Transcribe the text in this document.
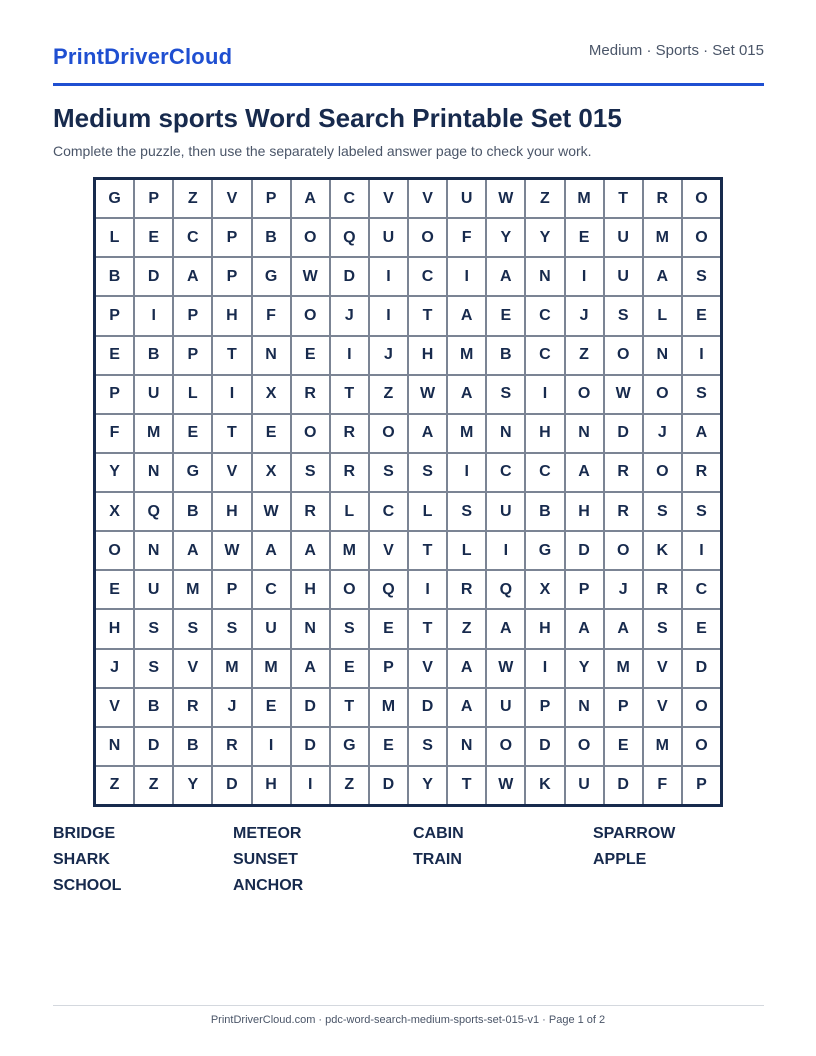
PrintDriverCloud	Medium · Sports · Set 015
Medium sports Word Search Printable Set 015
Complete the puzzle, then use the separately labeled answer page to check your work.
G	P	Z	V	P	A	C	V	V	U	W	Z	M	T	R	O
L	E	C	P	B	O	Q	U	O	F	Y	Y	E	U	M	O
B	D	A	P	G	W	D	I	C	I	A	N	I	U	A	S
P	I	P	H	F	O	J	I	T	A	E	C	J	S	L	E
E	B	P	T	N	E	I	J	H	M	B	C	Z	O	N	I
P	U	L	I	X	R	T	Z	W	A	S	I	O	W	O	S
F	M	E	T	E	O	R	O	A	M	N	H	N	D	J	A
Y	N	G	V	X	S	R	S	S	I	C	C	A	R	O	R
X	Q	B	H	W	R	L	C	L	S	U	B	H	R	S	S
O	N	A	W	A	A	M	V	T	L	I	G	D	O	K	I
E	U	M	P	C	H	O	Q	I	R	Q	X	P	J	R	C
H	S	S	S	U	N	S	E	T	Z	A	H	A	A	S	E
J	S	V	M	M	A	E	P	V	A	W	I	Y	M	V	D
V	B	R	J	E	D	T	M	D	A	U	P	N	P	V	O
N	D	B	R	I	D	G	E	S	N	O	D	O	E	M	O
Z	Z	Y	D	H	I	Z	D	Y	T	W	K	U	D	F	P
BRIDGE	METEOR	CABIN	SPARROW
SHARK	SUNSET	TRAIN	APPLE
SCHOOL	ANCHOR
PrintDriverCloud.com · pdc-word-search-medium-sports-set-015-v1 · Page 1 of 2
